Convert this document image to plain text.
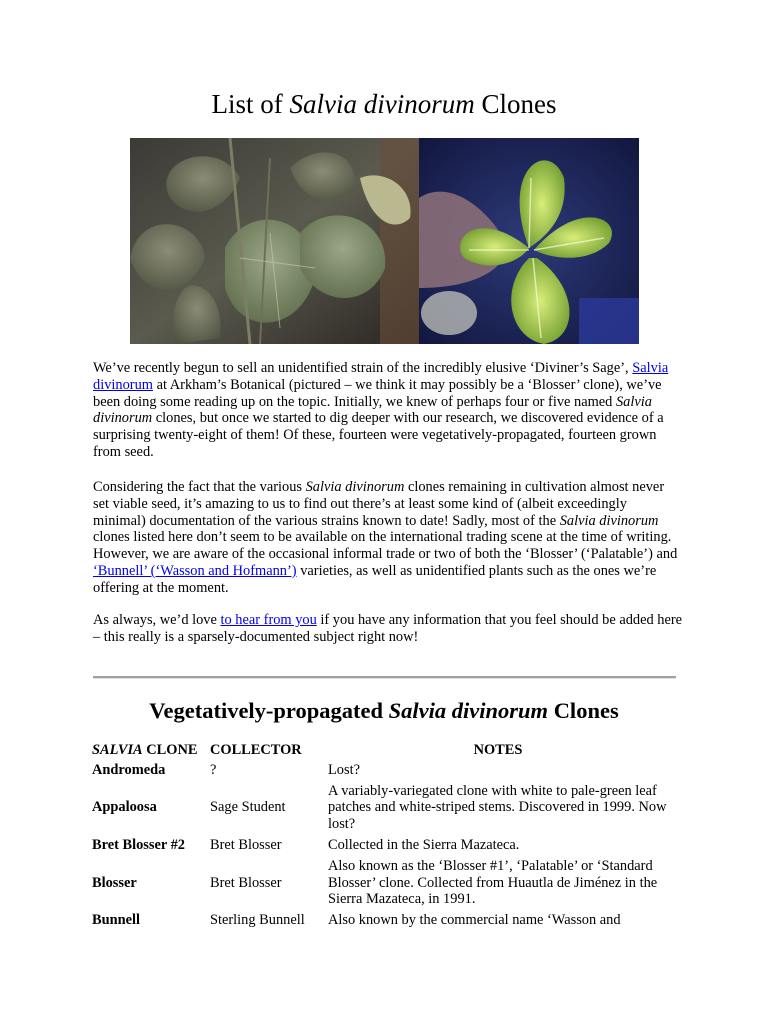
List of Salvia divinorum Clones

We’ve recently begun to sell an unidentified strain of the incredibly elusive ‘Diviner’s Sage’, Salvia divinorum at Arkham’s Botanical (pictured – we think it may possibly be a ‘Blosser’ clone), we’ve been doing some reading up on the topic. Initially, we knew of perhaps four or five named Salvia divinorum clones, but once we started to dig deeper with our research, we discovered evidence of a surprising twenty-eight of them! Of these, fourteen were vegetatively-propagated, fourteen grown from seed.

Considering the fact that the various Salvia divinorum clones remaining in cultivation almost never set viable seed, it’s amazing to us to find out there’s at least some kind of (albeit exceedingly minimal) documentation of the various strains known to date! Sadly, most of the Salvia divinorum clones listed here don’t seem to be available on the international trading scene at the time of writing. However, we are aware of the occasional informal trade or two of both the ‘Blosser’ (‘Palatable’) and ‘Bunnell’ (‘Wasson and Hofmann’) varieties, as well as unidentified plants such as the ones we’re offering at the moment.

As always, we’d love to hear from you if you have any information that you feel should be added here – this really is a sparsely-documented subject right now!

Vegetatively-propagated Salvia divinorum Clones
SALVIA CLONE	COLLECTOR	NOTES
Andromeda	?	Lost?
Appaloosa	Sage Student	A variably-variegated clone with white to pale-green leaf patches and white-striped stems. Discovered in 1999. Now lost?
Bret Blosser #2	Bret Blosser	Collected in the Sierra Mazateca.
Blosser	Bret Blosser	Also known as the ‘Blosser #1’, ‘Palatable’ or ‘Standard Blosser’ clone. Collected from Huautla de Jiménez in the Sierra Mazateca, in 1991.
Bunnell	Sterling Bunnell	Also known by the commercial name ‘Wasson and
